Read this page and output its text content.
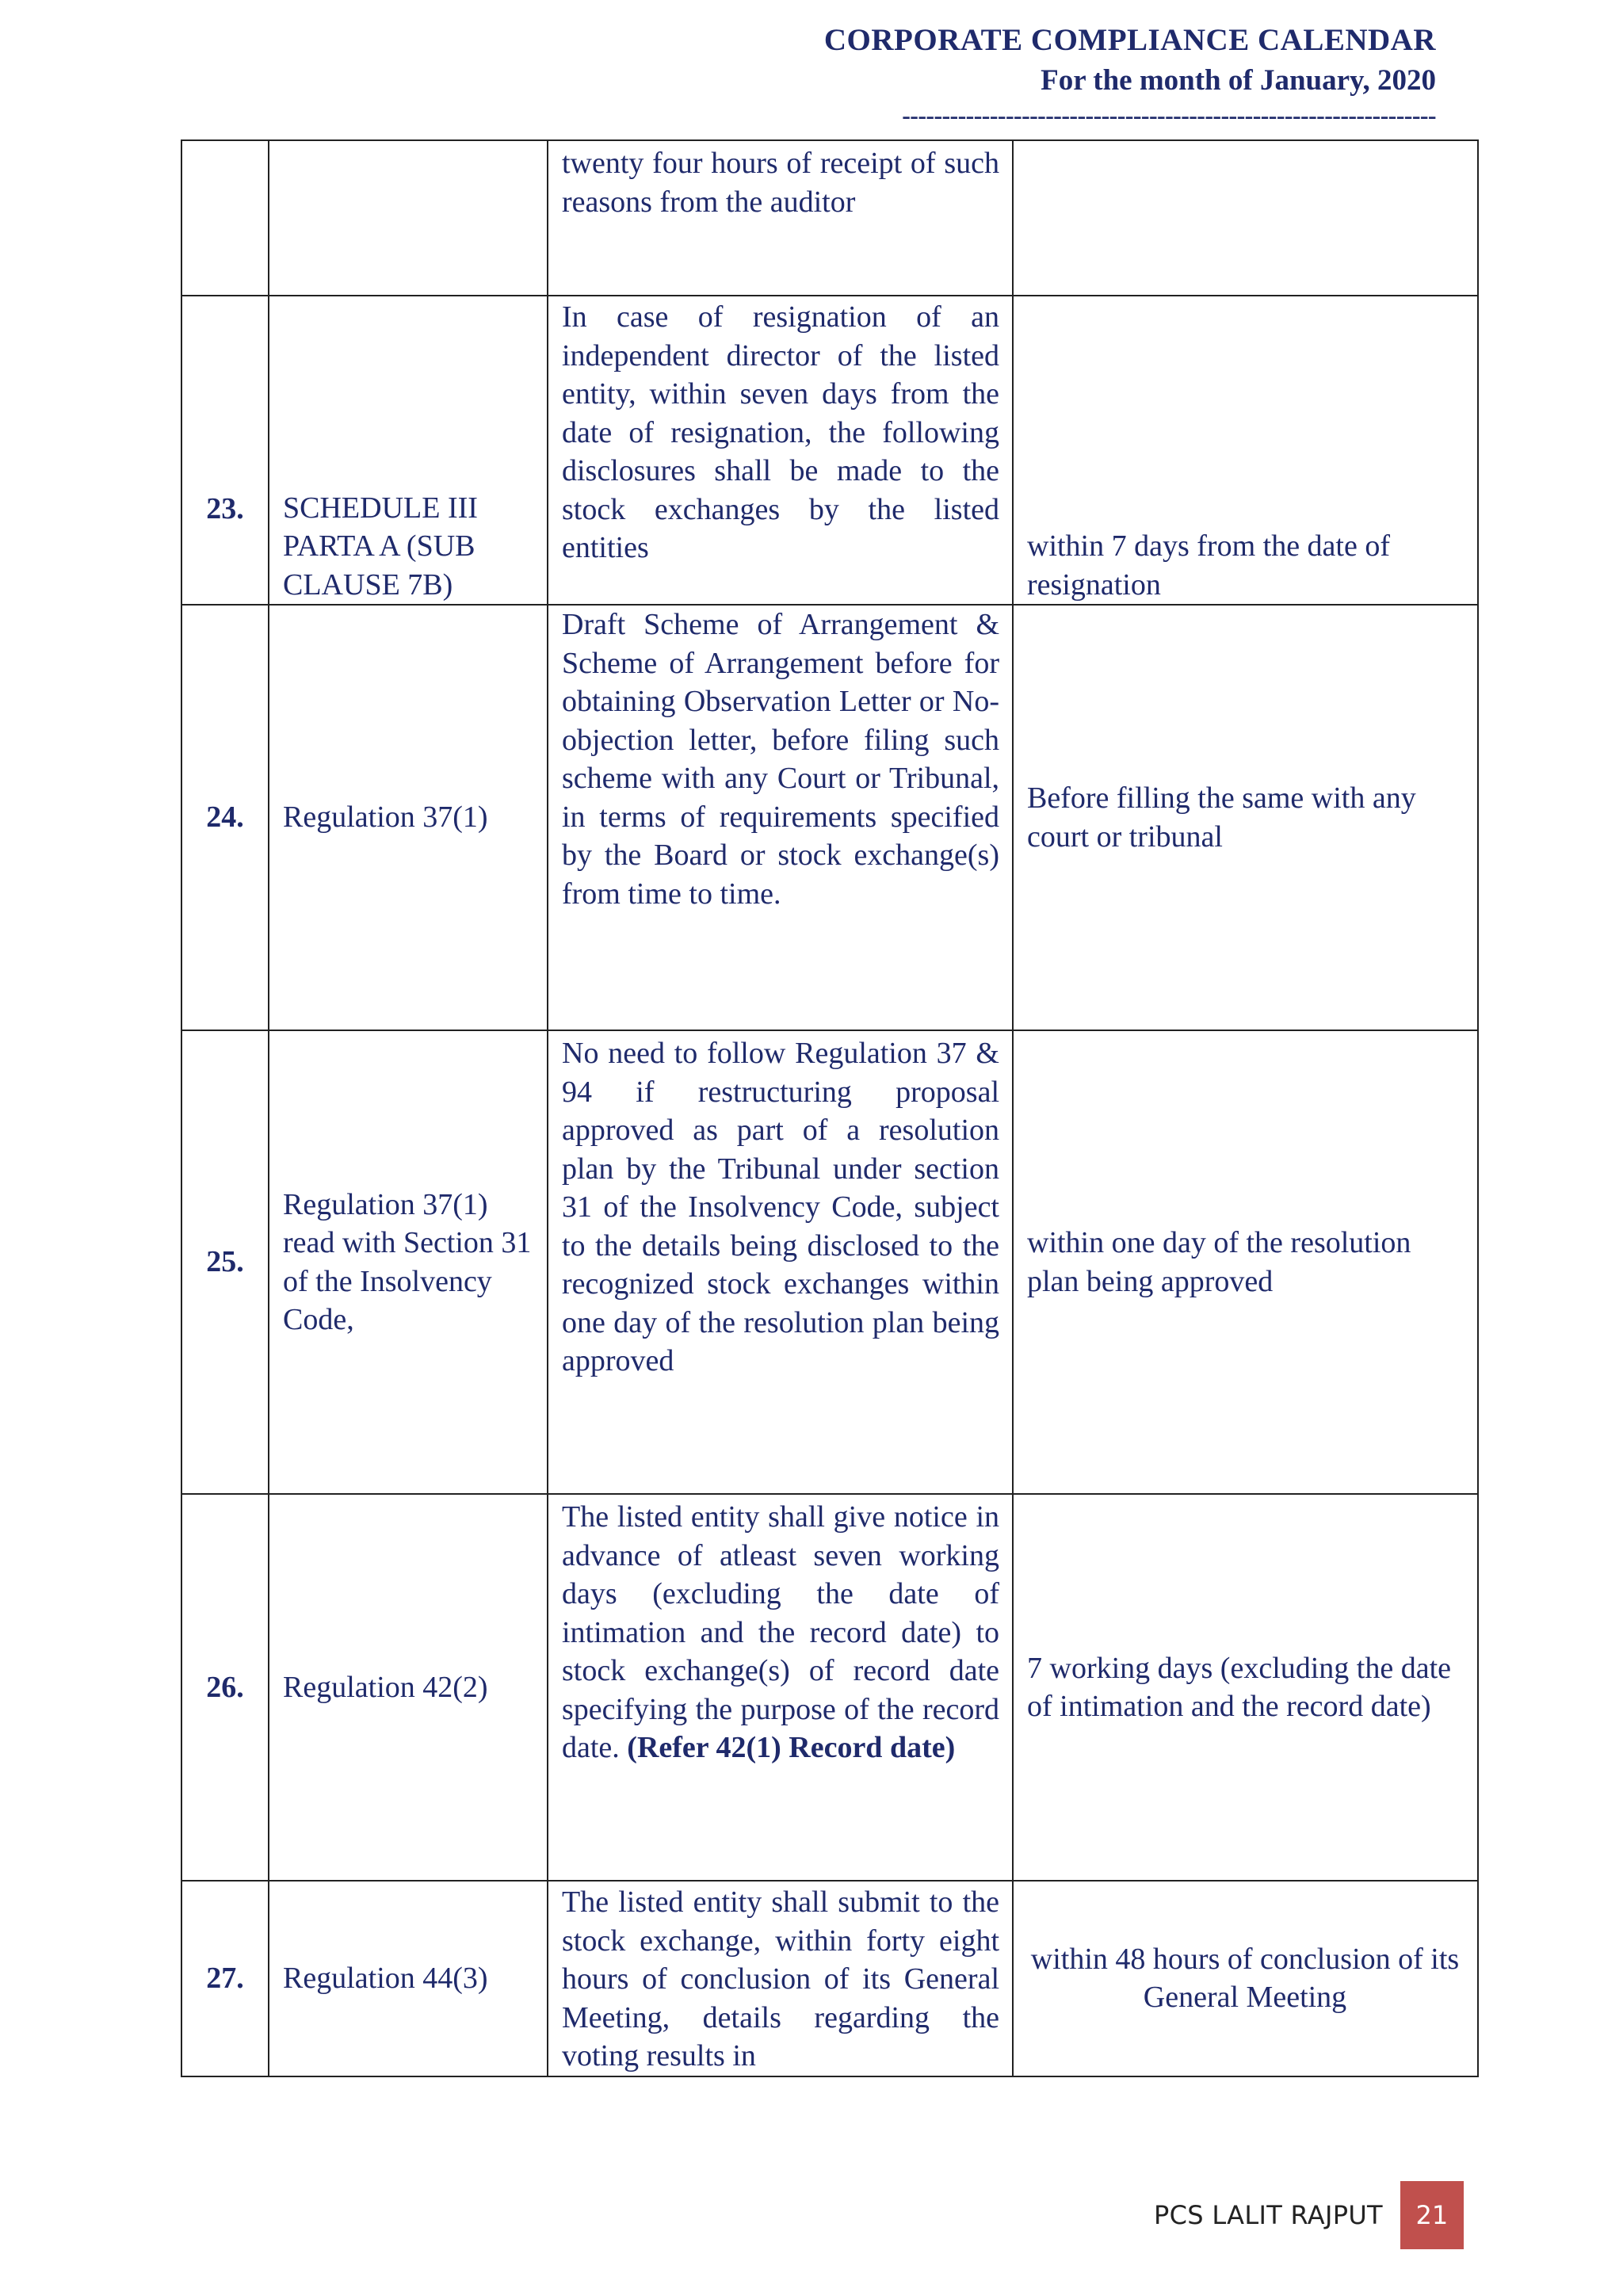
CORPORATE COMPLIANCE CALENDAR
For the month of January, 2020
-------------------------------------------------------------------

		twenty four hours of receipt of such reasons from the auditor	

23.	SCHEDULE III PARTA A (SUB CLAUSE 7B)	In case of resignation of an independent director of the listed entity, within seven days from the date of resignation, the following disclosures shall be made to the stock exchanges by the listed entities	within 7 days from the date of resignation
24.	Regulation 37(1)	Draft Scheme of Arrangement & Scheme of Arrangement before for obtaining Observation Letter or No-objection letter, before filing such scheme with any Court or Tribunal, in terms of requirements specified by the Board or stock exchange(s) from time to time.	Before filling the same with any court or tribunal
25.	Regulation 37(1) read with Section 31 of the Insolvency Code,	No need to follow Regulation 37 & 94 if restructuring proposal approved as part of a resolution plan by the Tribunal under section 31 of the Insolvency Code, subject to the details being disclosed to the recognized stock exchanges within one day of the resolution plan being approved	within one day of the resolution plan being approved
26.	Regulation 42(2)	The listed entity shall give notice in advance of atleast seven working days (excluding the date of intimation and the record date) to stock exchange(s) of record date specifying the purpose of the record date. (Refer 42(1) Record date)	7 working days (excluding the date of intimation and the record date)
27.	Regulation 44(3)	The listed entity shall submit to the stock exchange, within forty eight hours of conclusion of its General Meeting, details regarding the voting results in	within 48 hours of conclusion of its General Meeting
PCS LALIT RAJPUT	21
